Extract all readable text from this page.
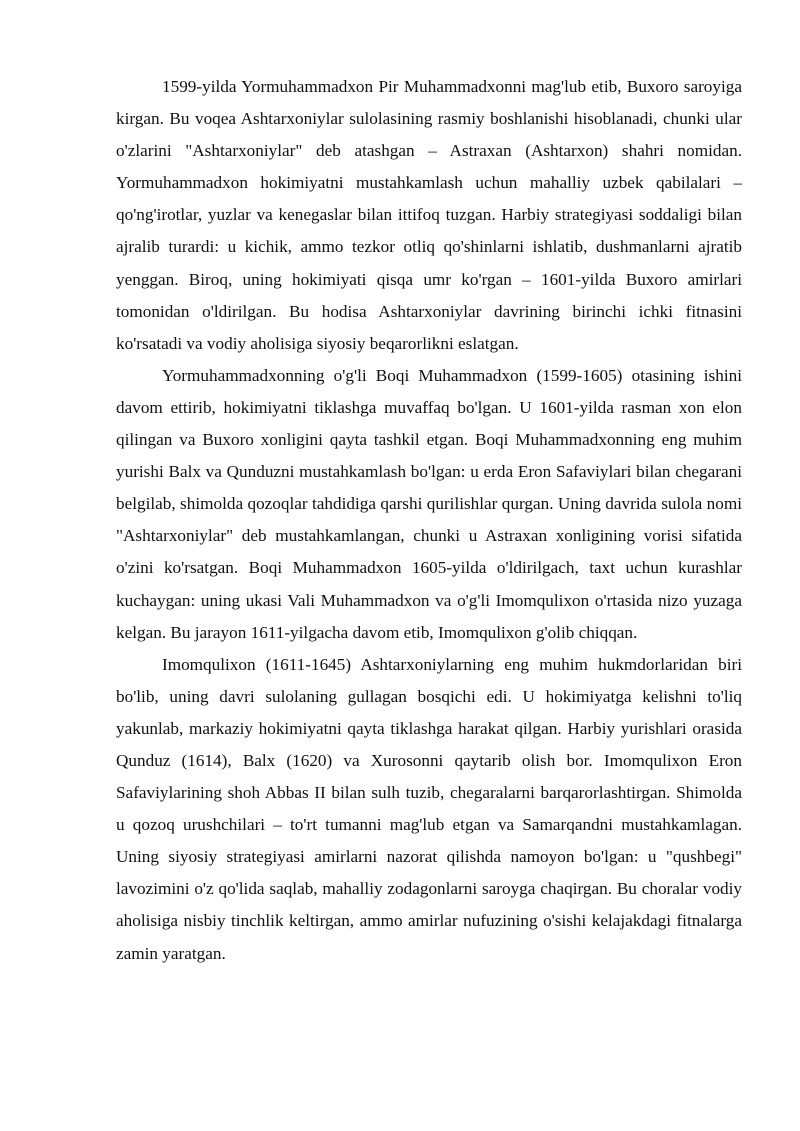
1599-yilda Yormuhammadxon Pir Muhammadxonni mag'lub etib, Buxoro saroyiga kirgan. Bu voqea Ashtarxoniylar sulolasining rasmiy boshlanishi hisoblanadi, chunki ular o'zlarini "Ashtarxoniylar" deb atashgan – Astraxan (Ashtarxon) shahri nomidan. Yormuhammadxon hokimiyatni mustahkamlash uchun mahalliy uzbek qabilalari – qo'ng'irotlar, yuzlar va kenegaslar bilan ittifoq tuzgan. Harbiy strategiyasi soddaligi bilan ajralib turardi: u kichik, ammo tezkor otliq qo'shinlarni ishlatib, dushmanlarni ajratib yenggan. Biroq, uning hokimiyati qisqa umr ko'rgan – 1601-yilda Buxoro amirlari tomonidan o'ldirilgan. Bu hodisa Ashtarxoniylar davrining birinchi ichki fitnasini ko'rsatadi va vodiy aholisiga siyosiy beqarorlikni eslatgan.

Yormuhammadxonning o'g'li Boqi Muhammadxon (1599-1605) otasining ishini davom ettirib, hokimiyatni tiklashga muvaffaq bo'lgan. U 1601-yilda rasman xon elon qilingan va Buxoro xonligini qayta tashkil etgan. Boqi Muhammadxonning eng muhim yurishi Balx va Qunduzni mustahkamlash bo'lgan: u erda Eron Safaviylari bilan chegarani belgilab, shimolda qozoqlar tahdidiga qarshi qurilishlar qurgan. Uning davrida sulola nomi "Ashtarxoniylar" deb mustahkamlangan, chunki u Astraxan xonligining vorisi sifatida o'zini ko'rsatgan. Boqi Muhammadxon 1605-yilda o'ldirilgach, taxt uchun kurashlar kuchaygan: uning ukasi Vali Muhammadxon va o'g'li Imomqulixon o'rtasida nizo yuzaga kelgan. Bu jarayon 1611-yilgacha davom etib, Imomqulixon g'olib chiqqan.

Imomqulixon (1611-1645) Ashtarxoniylarning eng muhim hukmdorlaridan biri bo'lib, uning davri sulolaning gullagan bosqichi edi. U hokimiyatga kelishni to'liq yakunlab, markaziy hokimiyatni qayta tiklashga harakat qilgan. Harbiy yurishlari orasida Qunduz (1614), Balx (1620) va Xurosonni qaytarib olish bor. Imomqulixon Eron Safaviylarining shoh Abbas II bilan sulh tuzib, chegaralarni barqarorlashtirgan. Shimolda u qozoq urushchilari – to'rt tumanni mag'lub etgan va Samarqandni mustahkamlagan. Uning siyosiy strategiyasi amirlarni nazorat qilishda namoyon bo'lgan: u "qushbegi" lavozimini o'z qo'lida saqlab, mahalliy zodagonlarni saroyga chaqirgan. Bu choralar vodiy aholisiga nisbiy tinchlik keltirgan, ammo amirlar nufuzining o'sishi kelajakdagi fitnalarga zamin yaratgan.
